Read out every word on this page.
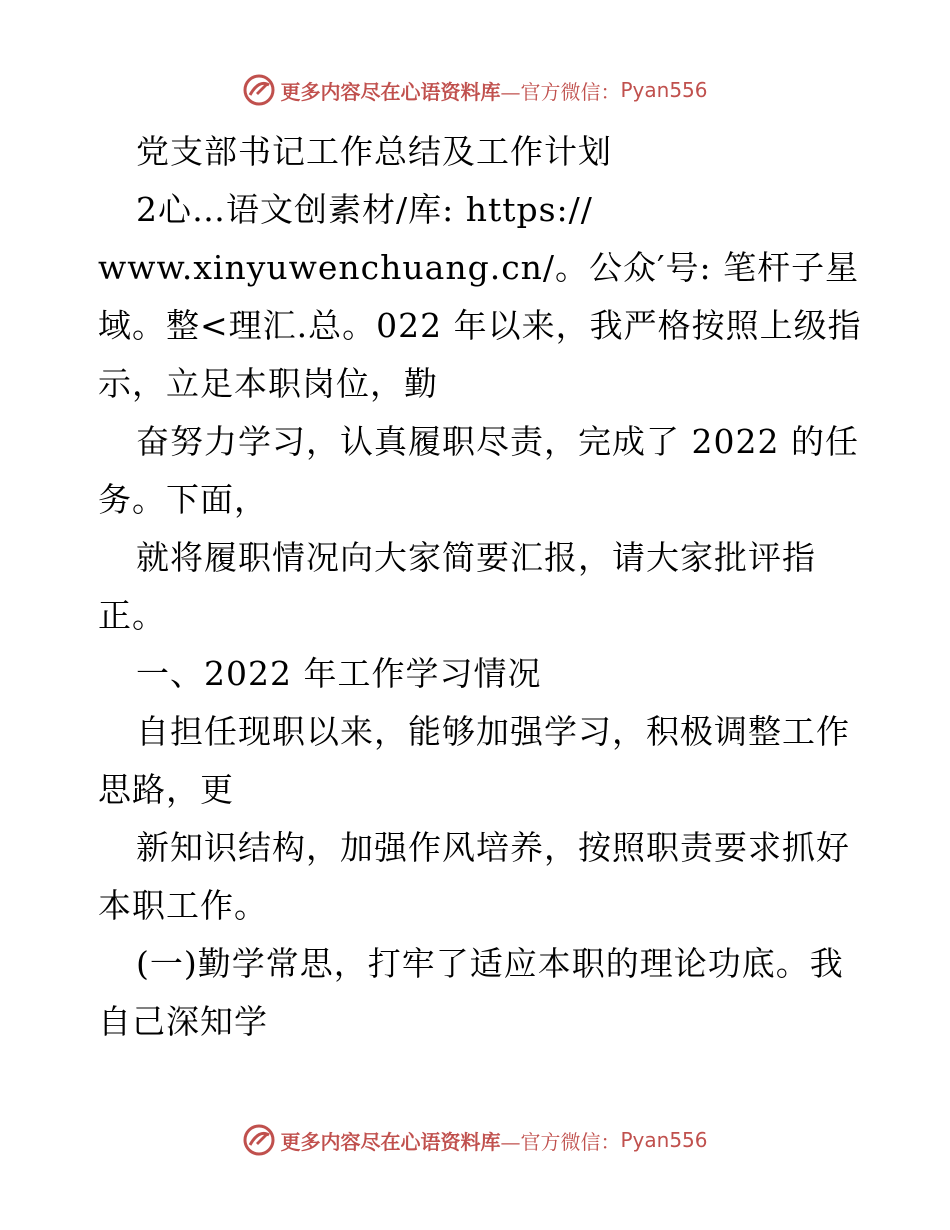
更多内容尽在心语资料库 —官方微信： Pyan556
党支部书记工作总结及工作计划
2心…语文创素材/库: https://
www.xinyuwenchuang.cn/。公众′号: 笔杆子星
域。整<理汇.总。022 年以来，我严格按照上级指
示，立足本职岗位，勤
奋努力学习，认真履职尽责，完成了 2022 的任
务。下面，
就将履职情况向大家简要汇报，请大家批评指
正。
一、2022 年工作学习情况
自担任现职以来，能够加强学习，积极调整工作
思路，更
新知识结构，加强作风培养，按照职责要求抓好
本职工作。
(一)勤学常思，打牢了适应本职的理论功底。我
自己深知学
更多内容尽在心语资料库 —官方微信： Pyan556
